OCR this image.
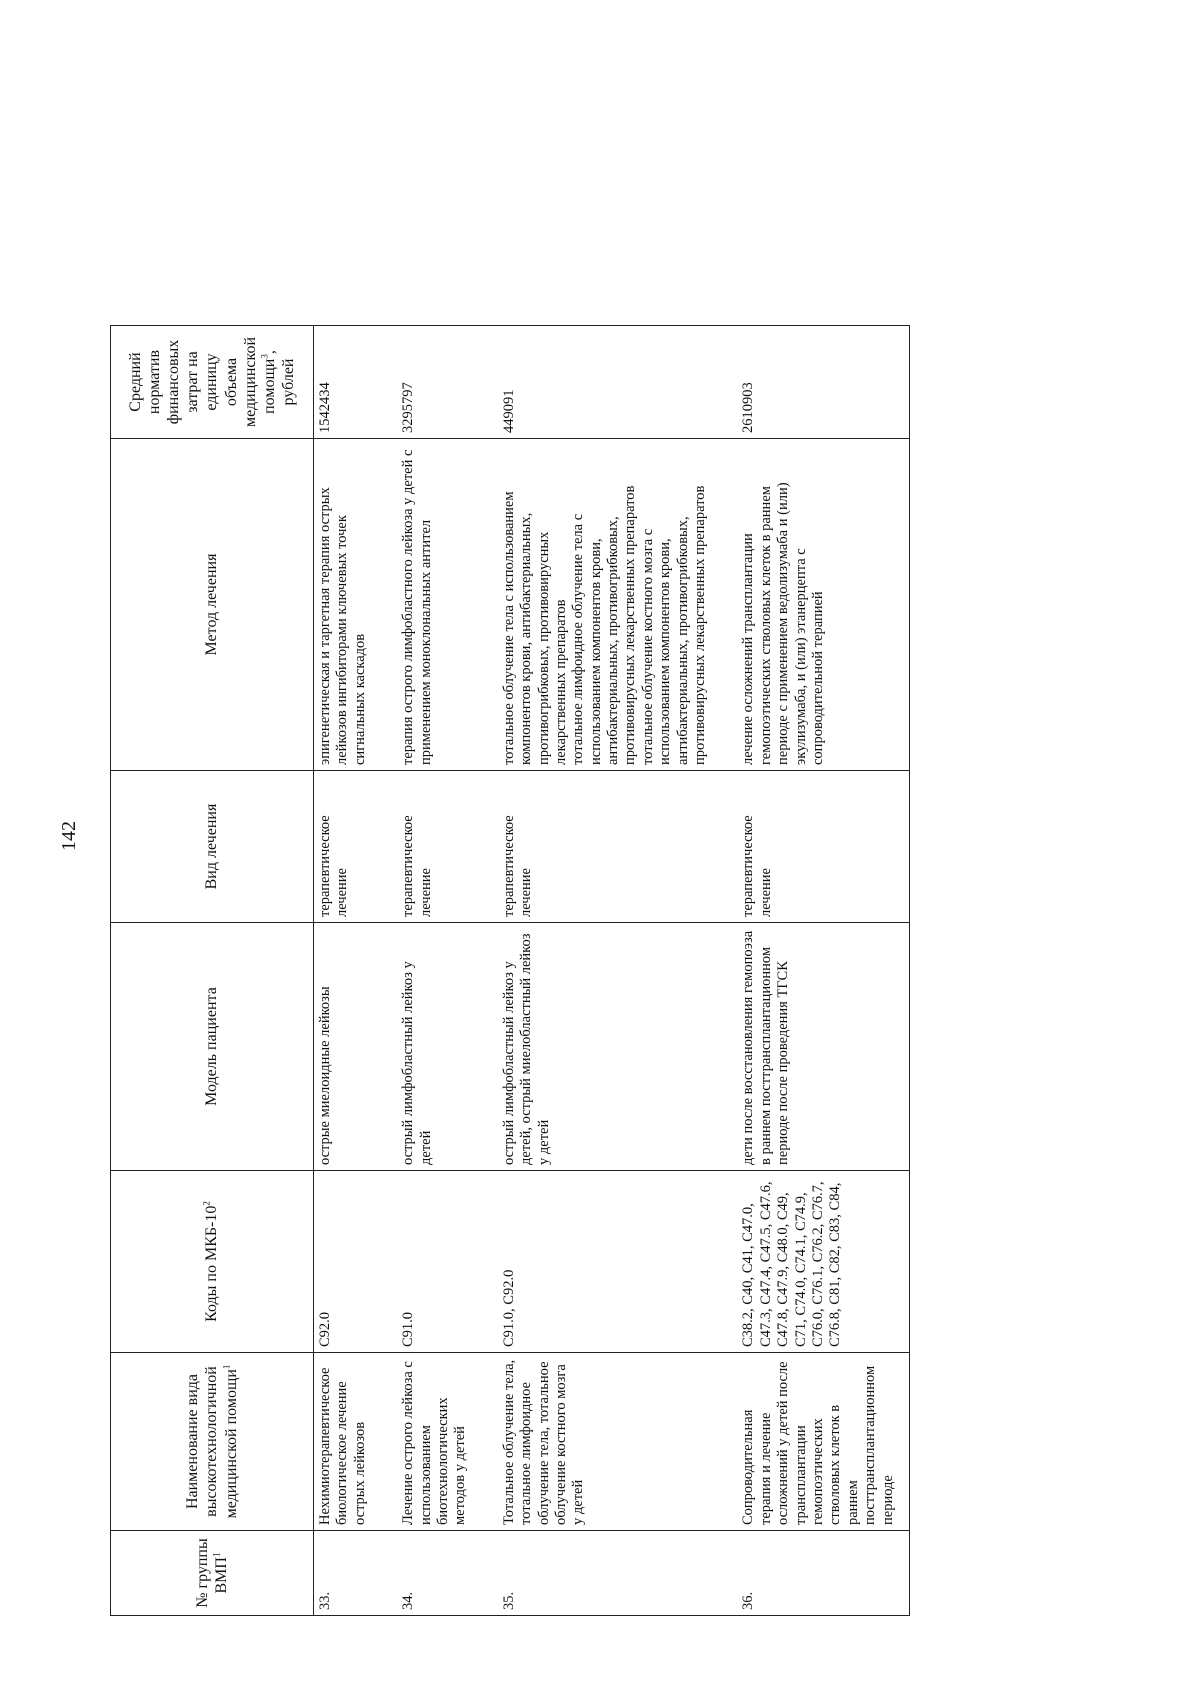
142
№ группы ВМП$^1$	Наименование вида высокотехнологичной медицинской помощи$^1$	Коды по МКБ-$10^2$	Модель пациента	Вид лечения	Метод лечения	Средний норматив финансовых затрат на единицу объема медицинской помощи$^3$, рублей
33.	Нехимиотерапевтическое биологическое лечение острых лейкозов	C92.0	острые миелоидные лейкозы	терапевтическое лечение	эпигенетическая и таргетная терапия острых лейкозов ингибиторами ключевых точек сигнальных каскадов	1542434
34.	Лечение острого лейкоза с использованием биотехнологических методов у детей	C91.0	острый лимфобластный лейкоз у детей	терапевтическое лечение	терапия острого лимфобластного лейкоза у детей с применением моноклональных антител	3295797
35.	Тотальное облучение тела, тотальное лимфоидное облучение тела, тотальное облучение костного мозга у детей	C91.0, C92.0	острый лимфобластный лейкоз у детей, острый миелобластный лейкоз у детей	терапевтическое лечение	тотальное облучение тела с использованием компонентов крови, антибактериальных, противогрибковых, противовирусных лекарственных препаратов
тотальное лимфоидное облучение тела с использованием компонентов крови, антибактериальных, противогрибковых, противовирусных лекарственных препаратов
тотальное облучение костного мозга с использованием компонентов крови, антибактериальных, противогрибковых, противовирусных лекарственных препаратов	449091
36.	Сопроводительная терапия и лечение осложнений у детей после трансплантации гемопоэтических стволовых клеток в раннем посттрансплантационном периоде	C38.2, C40, C41, C47.0, C47.3, C47.4, C47.5, C47.6, C47.8, C47.9, C48.0, C49, C71, C74.0, C74.1, C74.9, C76.0, C76.1, C76.2, C76.7, C76.8, C81, C82, C83, C84,	дети после восстановления гемопоэза в раннем посттрансплантационном периоде после проведения ТГСК	терапевтическое лечение	лечение осложнений трансплантации гемопоэтических стволовых клеток в раннем периоде с применением ведолизумаба и (или) экулизумаба, и (или) этанерцепта с сопроводительной терапией	2610903
